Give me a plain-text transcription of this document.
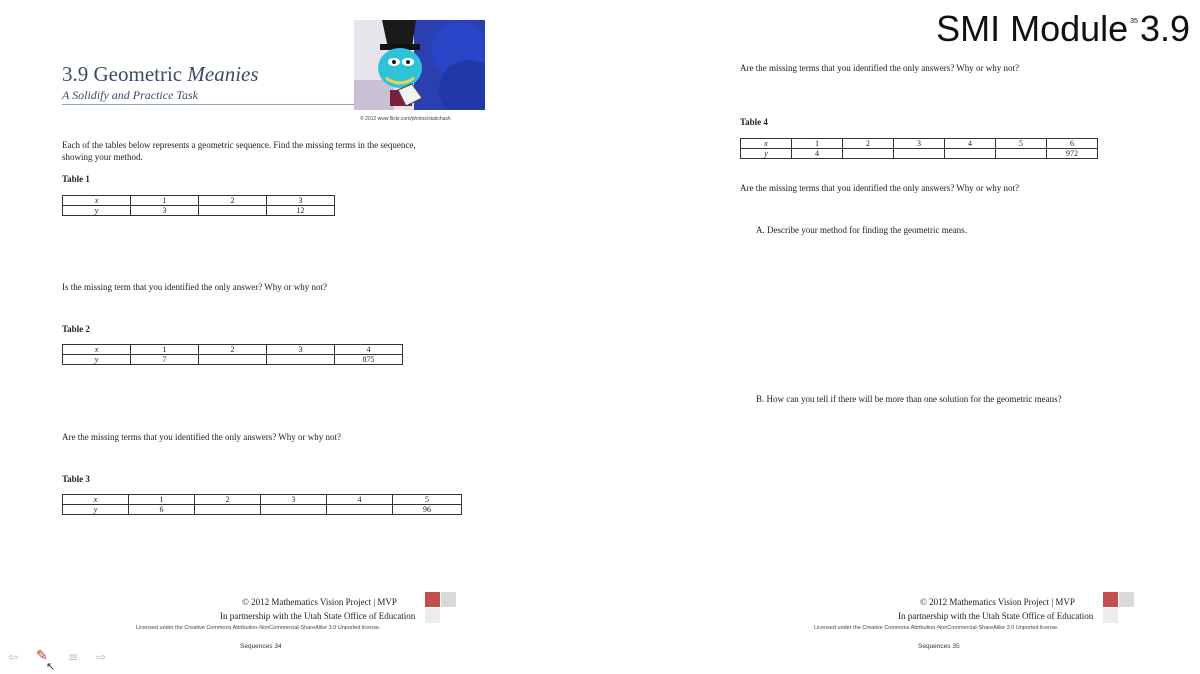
SMI Module $^{35}$3.9
3.9 Geometric Meanies
A Solidify and Practice Task
© 2012 www.flickr.com/photos/statichash
Each of the tables below represents a geometric sequence. Find the missing terms in the sequence,
showing your method.
Table 1
x	1	2	3
y	3		12
Is the missing term that you identified the only answer? Why or why not?
Table 2
x	1	2	3	4
y	7			875
Are the missing terms that you identified the only answers? Why or why not?
Table 3
x	1	2	3	4	5
y	6				96
© 2012 Mathematics Vision Project | MVP
In partnership with the Utah State Office of Education
Licensed under the Creative Commons Attribution-NonCommercial-ShareAlike 3.0 Unported license.
Sequences 34
Are the missing terms that you identified the only answers? Why or why not?
Table 4
x	1	2	3	4	5	6
y	4					972
Are the missing terms that you identified the only answers? Why or why not?
A. Describe your method for finding the geometric means.
B. How can you tell if there will be more than one solution for the geometric means?
© 2012 Mathematics Vision Project | MVP
In partnership with the Utah State Office of Education
Licensed under the Creative Commons Attribution-NonCommercial-ShareAlike 3.0 Unported license.
Sequences 35
⇦ ✎ ≡ ⇨
↖
